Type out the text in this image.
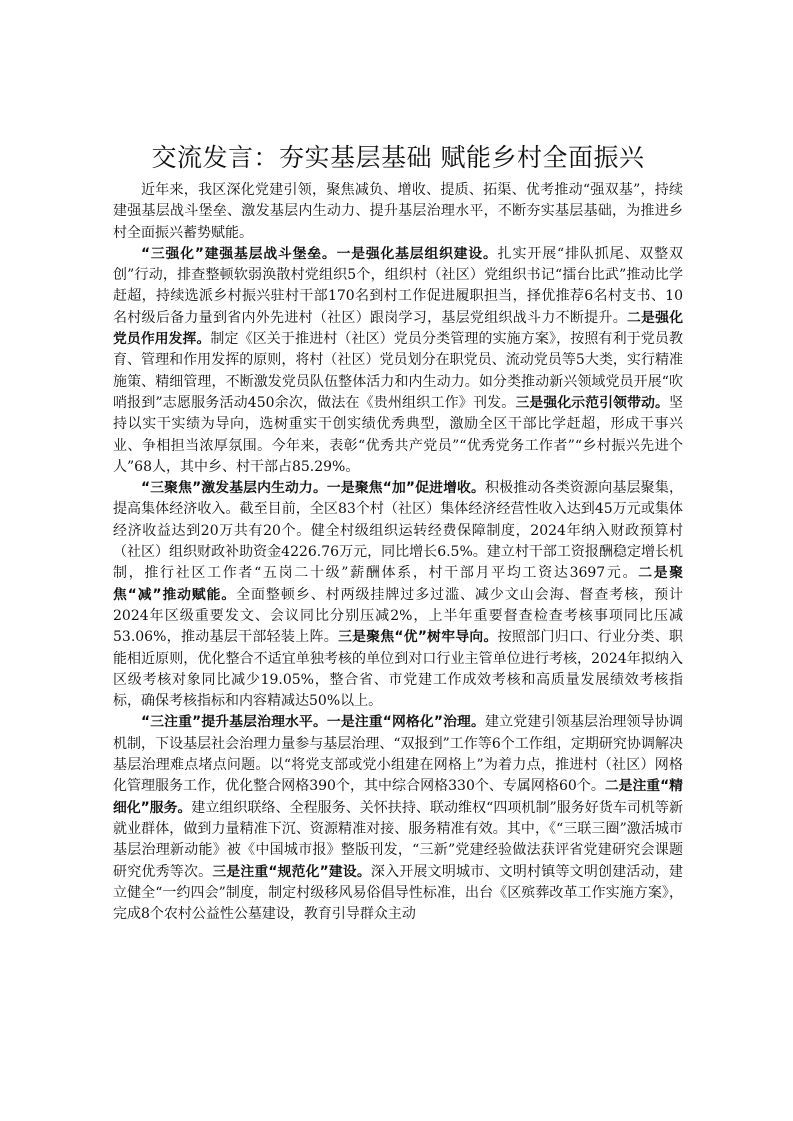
交流发言：夯实基层基础 赋能乡村全面振兴

近年来，我区深化党建引领，聚焦减负、增收、提质、拓渠、优考推动“强双基”，持续建强基层战斗堡垒、激发基层内生动力、提升基层治理水平，不断夯实基层基础，为推进乡村全面振兴蓄势赋能。

“三强化”建强基层战斗堡垒。一是强化基层组织建设。扎实开展“排队抓尾、双整双创”行动，排查整顿软弱涣散村党组织5个，组织村（社区）党组织书记“擂台比武”推动比学赶超，持续选派乡村振兴驻村干部170名到村工作促进履职担当，择优推荐6名村支书、10名村级后备力量到省内外先进村（社区）跟岗学习，基层党组织战斗力不断提升。二是强化党员作用发挥。制定《区关于推进村（社区）党员分类管理的实施方案》，按照有利于党员教育、管理和作用发挥的原则，将村（社区）党员划分在职党员、流动党员等5大类，实行精准施策、精细管理，不断激发党员队伍整体活力和内生动力。如分类推动新兴领域党员开展“吹哨报到”志愿服务活动450余次，做法在《贵州组织工作》刊发。三是强化示范引领带动。坚持以实干实绩为导向，选树重实干创实绩优秀典型，激励全区干部比学赶超，形成干事兴业、争相担当浓厚氛围。今年来，表彰“优秀共产党员”“优秀党务工作者”“乡村振兴先进个人”68人，其中乡、村干部占85.29%。

“三聚焦”激发基层内生动力。一是聚焦“加”促进增收。积极推动各类资源向基层聚集，提高集体经济收入。截至目前，全区83个村（社区）集体经济经营性收入达到45万元或集体经济收益达到20万共有20个。健全村级组织运转经费保障制度，2024年纳入财政预算村（社区）组织财政补助资金4226.76万元，同比增长6.5%。建立村干部工资报酬稳定增长机制，推行社区工作者“五岗二十级”薪酬体系，村干部月平均工资达3697元。二是聚焦“减”推动赋能。全面整顿乡、村两级挂牌过多过滥、减少文山会海、督查考核，预计2024年区级重要发文、会议同比分别压减2%，上半年重要督查检查考核事项同比压减53.06%，推动基层干部轻装上阵。三是聚焦“优”树牢导向。按照部门归口、行业分类、职能相近原则，优化整合不适宜单独考核的单位到对口行业主管单位进行考核，2024年拟纳入区级考核对象同比减少19.05%，整合省、市党建工作成效考核和高质量发展绩效考核指标，确保考核指标和内容精减达50%以上。

“三注重”提升基层治理水平。一是注重“网格化”治理。建立党建引领基层治理领导协调机制，下设基层社会治理力量参与基层治理、“双报到”工作等6个工作组，定期研究协调解决基层治理难点堵点问题。以“将党支部或党小组建在网格上”为着力点，推进村（社区）网格化管理服务工作，优化整合网格390个，其中综合网格330个、专属网格60个。二是注重“精细化”服务。建立组织联络、全程服务、关怀扶持、联动维权“四项机制”服务好货车司机等新就业群体，做到力量精准下沉、资源精准对接、服务精准有效。其中，《“三联三圈”激活城市基层治理新动能》被《中国城市报》整版刊发，“三新”党建经验做法获评省党建研究会课题研究优秀等次。三是注重“规范化”建设。深入开展文明城市、文明村镇等文明创建活动，建立健全“一约四会”制度，制定村级移风易俗倡导性标准，出台《区殡葬改革工作实施方案》，完成8个农村公益性公墓建设，教育引导群众主动
